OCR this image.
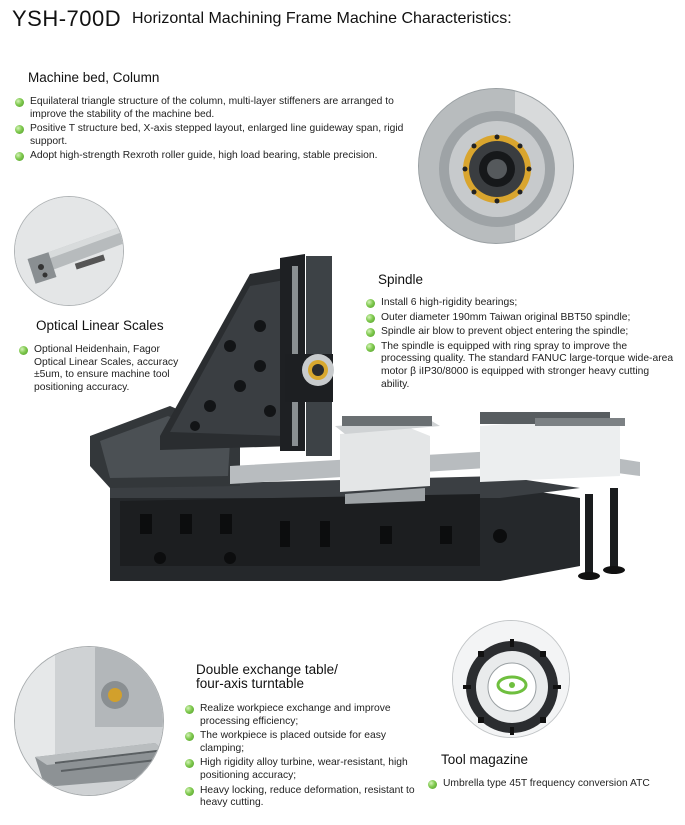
YSH-700D Horizontal Machining Frame Machine Characteristics:
Machine bed, Column
Equilateral triangle structure of the column, multi-layer stiffeners are arranged to improve the stability of the machine bed.
Positive T structure bed, X-axis stepped layout, enlarged line guideway span, rigid support.
Adopt high-strength Rexroth roller guide, high load bearing, stable precision.
Optical Linear Scales
Optional Heidenhain, Fagor Optical Linear Scales, accuracy ±5um, to ensure machine tool positioning accuracy.
Spindle
Install 6 high-rigidity bearings;
Outer diameter 190mm Taiwan original BBT50 spindle;
Spindle air blow to prevent object entering the spindle;
The spindle is equipped with ring spray to improve the processing quality. The standard FANUC large-torque wide-area motor β iIP30/8000 is equipped with stronger heavy cutting ability.
Double exchange table/
four-axis turntable
Realize workpiece exchange and improve processing efficiency;
The workpiece is placed outside for easy clamping;
High rigidity alloy turbine, wear-resistant, high positioning accuracy;
Heavy locking, reduce deformation, resistant to heavy cutting.
Tool magazine
Umbrella type 45T frequency conversion ATC
